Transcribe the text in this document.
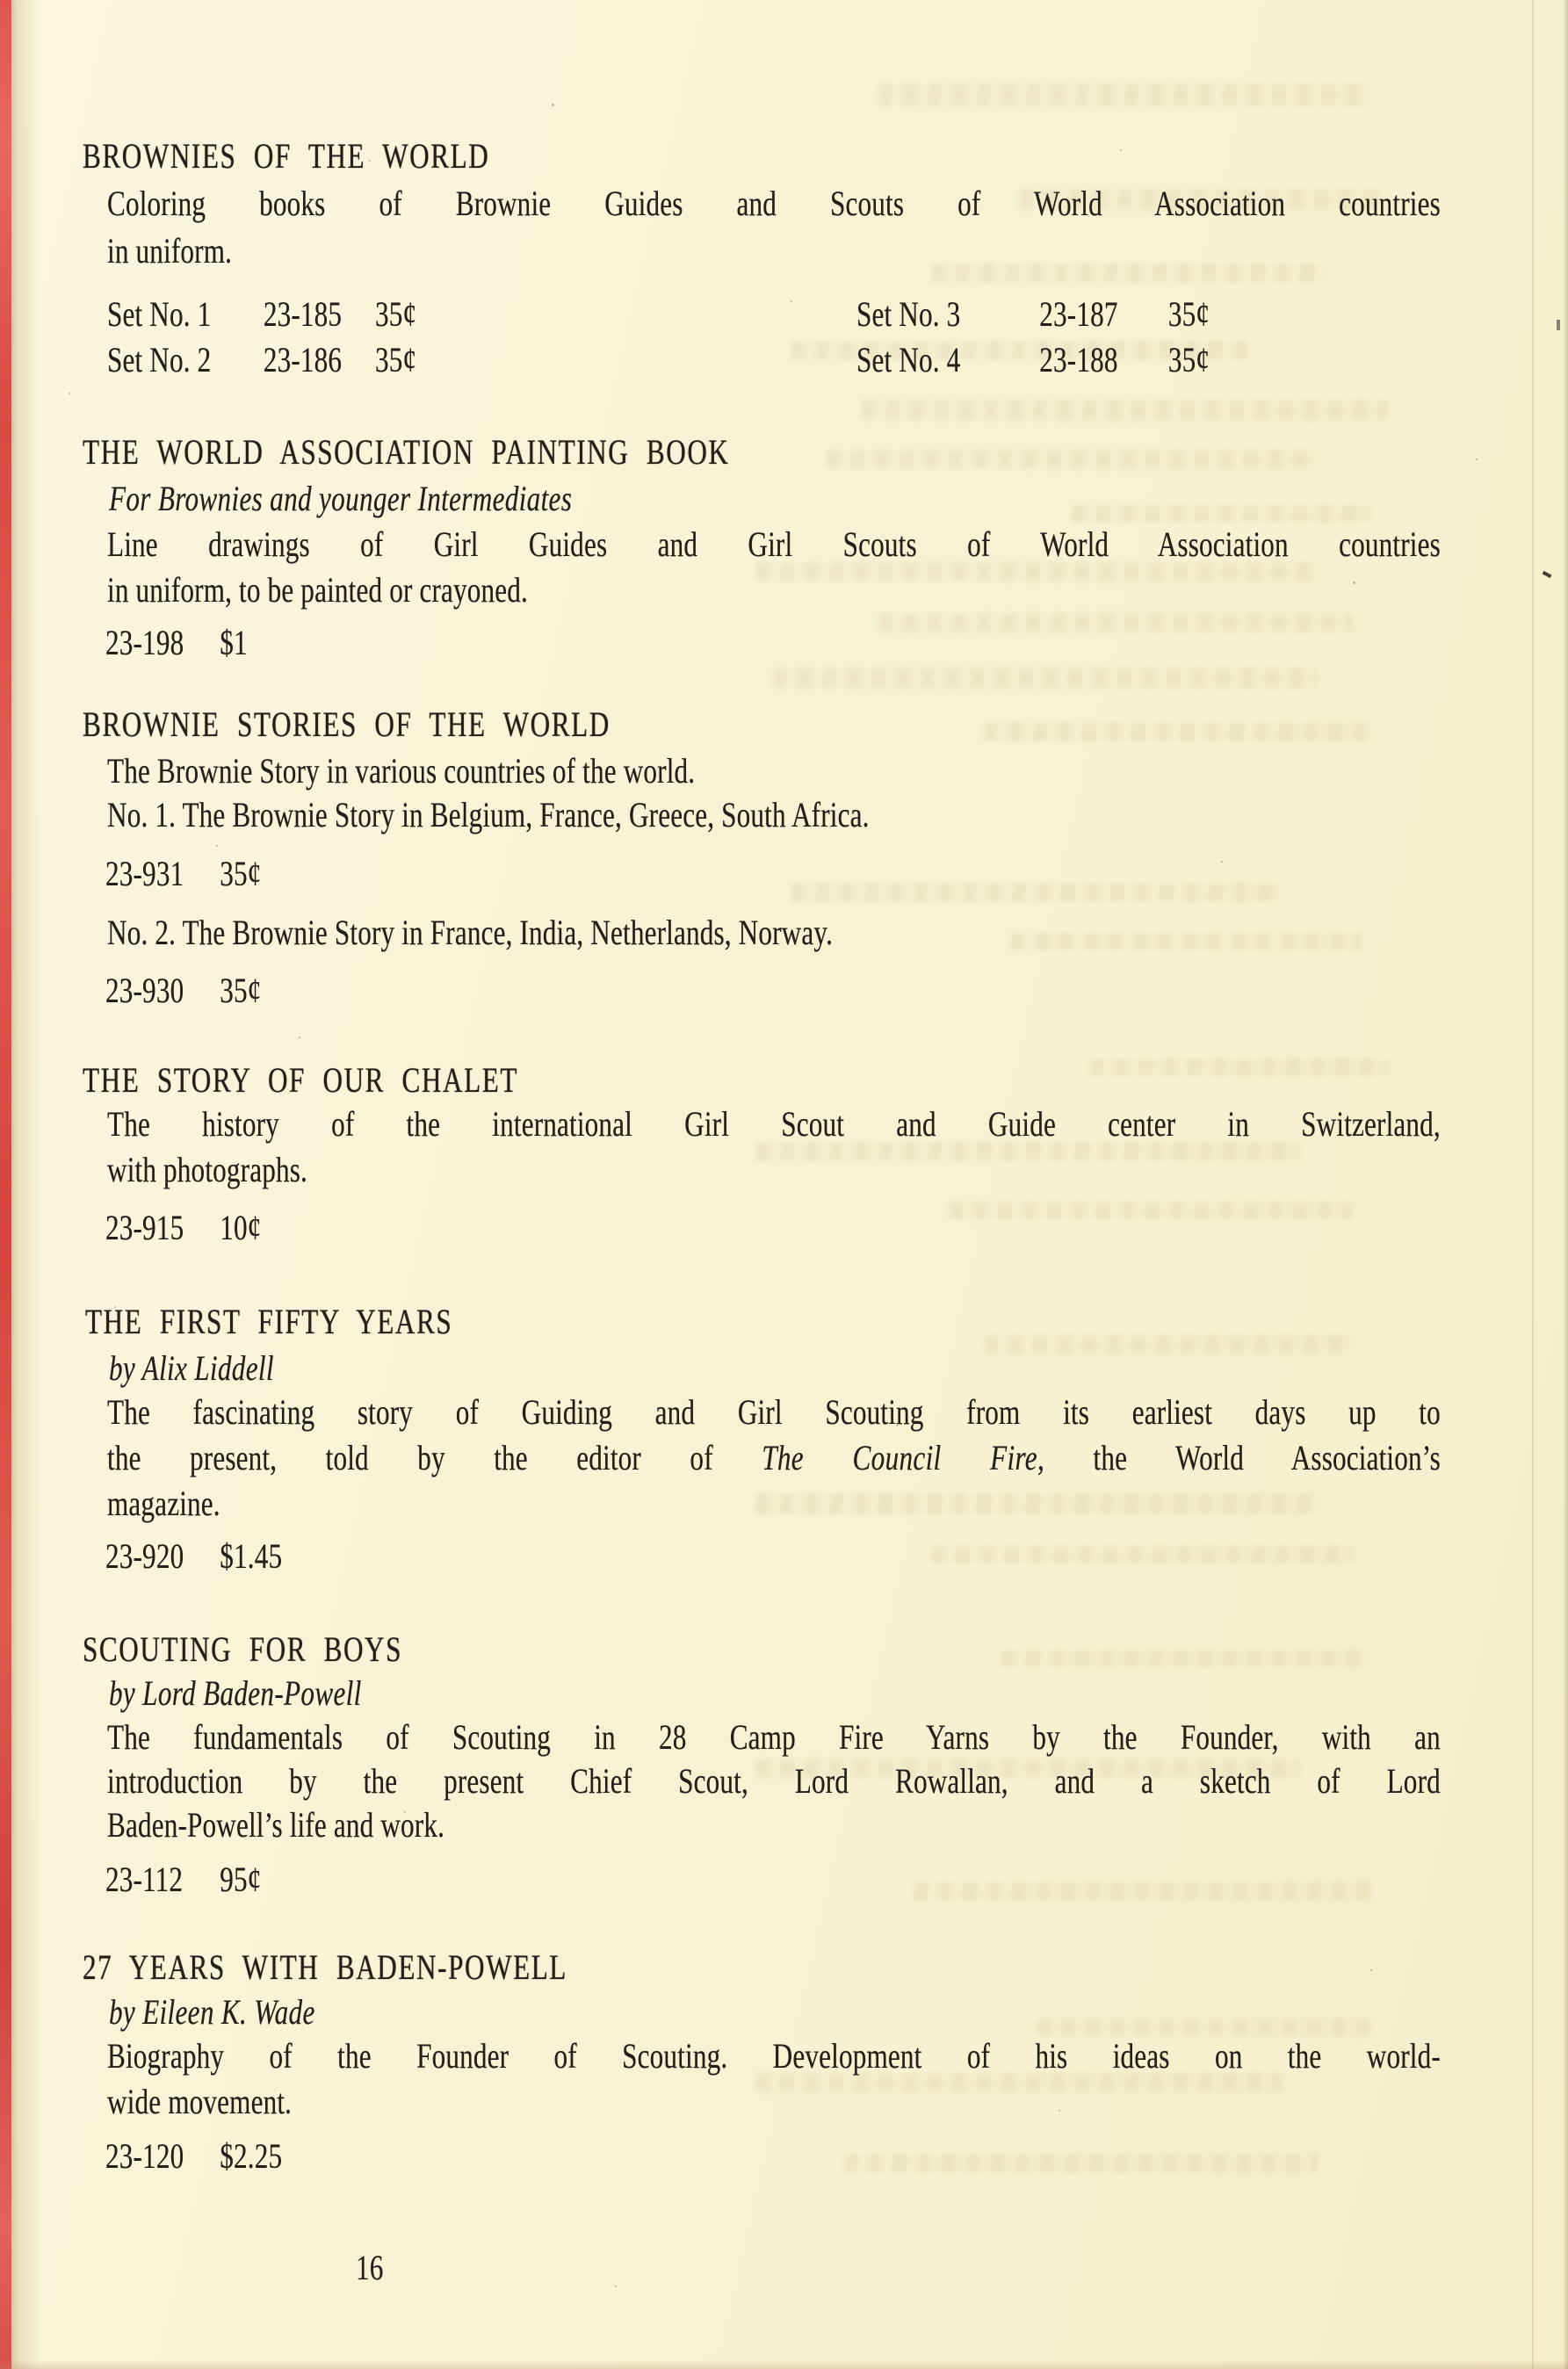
BROWNIES OF THE WORLD
Coloring books of Brownie Guides and Scouts of World Association countries
in uniform.
Set No. 1 23-185 35¢
Set No. 2 23-186 35¢
Set No. 3 23-187 35¢
Set No. 4 23-188 35¢
THE WORLD ASSOCIATION PAINTING BOOK
For Brownies and younger Intermediates
Line drawings of Girl Guides and Girl Scouts of World Association countries
in uniform, to be painted or crayoned.
23-198 $1
BROWNIE STORIES OF THE WORLD
The Brownie Story in various countries of the world.
No. 1. The Brownie Story in Belgium, France, Greece, South Africa.
23-931 35¢
No. 2. The Brownie Story in France, India, Netherlands, Norway.
23-930 35¢
THE STORY OF OUR CHALET
The history of the international Girl Scout and Guide center in Switzerland,
with photographs.
23-915 10¢
THE FIRST FIFTY YEARS
by Alix Liddell
The fascinating story of Guiding and Girl Scouting from its earliest days up to
the present, told by the editor of The Council Fire, the World Association’s
magazine.
23-920 $1.45
SCOUTING FOR BOYS
by Lord Baden-Powell
The fundamentals of Scouting in 28 Camp Fire Yarns by the Founder, with an
introduction by the present Chief Scout, Lord Rowallan, and a sketch of Lord
Baden-Powell’s life and work.
23-112 95¢
27 YEARS WITH BADEN-POWELL
by Eileen K. Wade
Biography of the Founder of Scouting. Development of his ideas on the world-
wide movement.
23-120 $2.25
16
